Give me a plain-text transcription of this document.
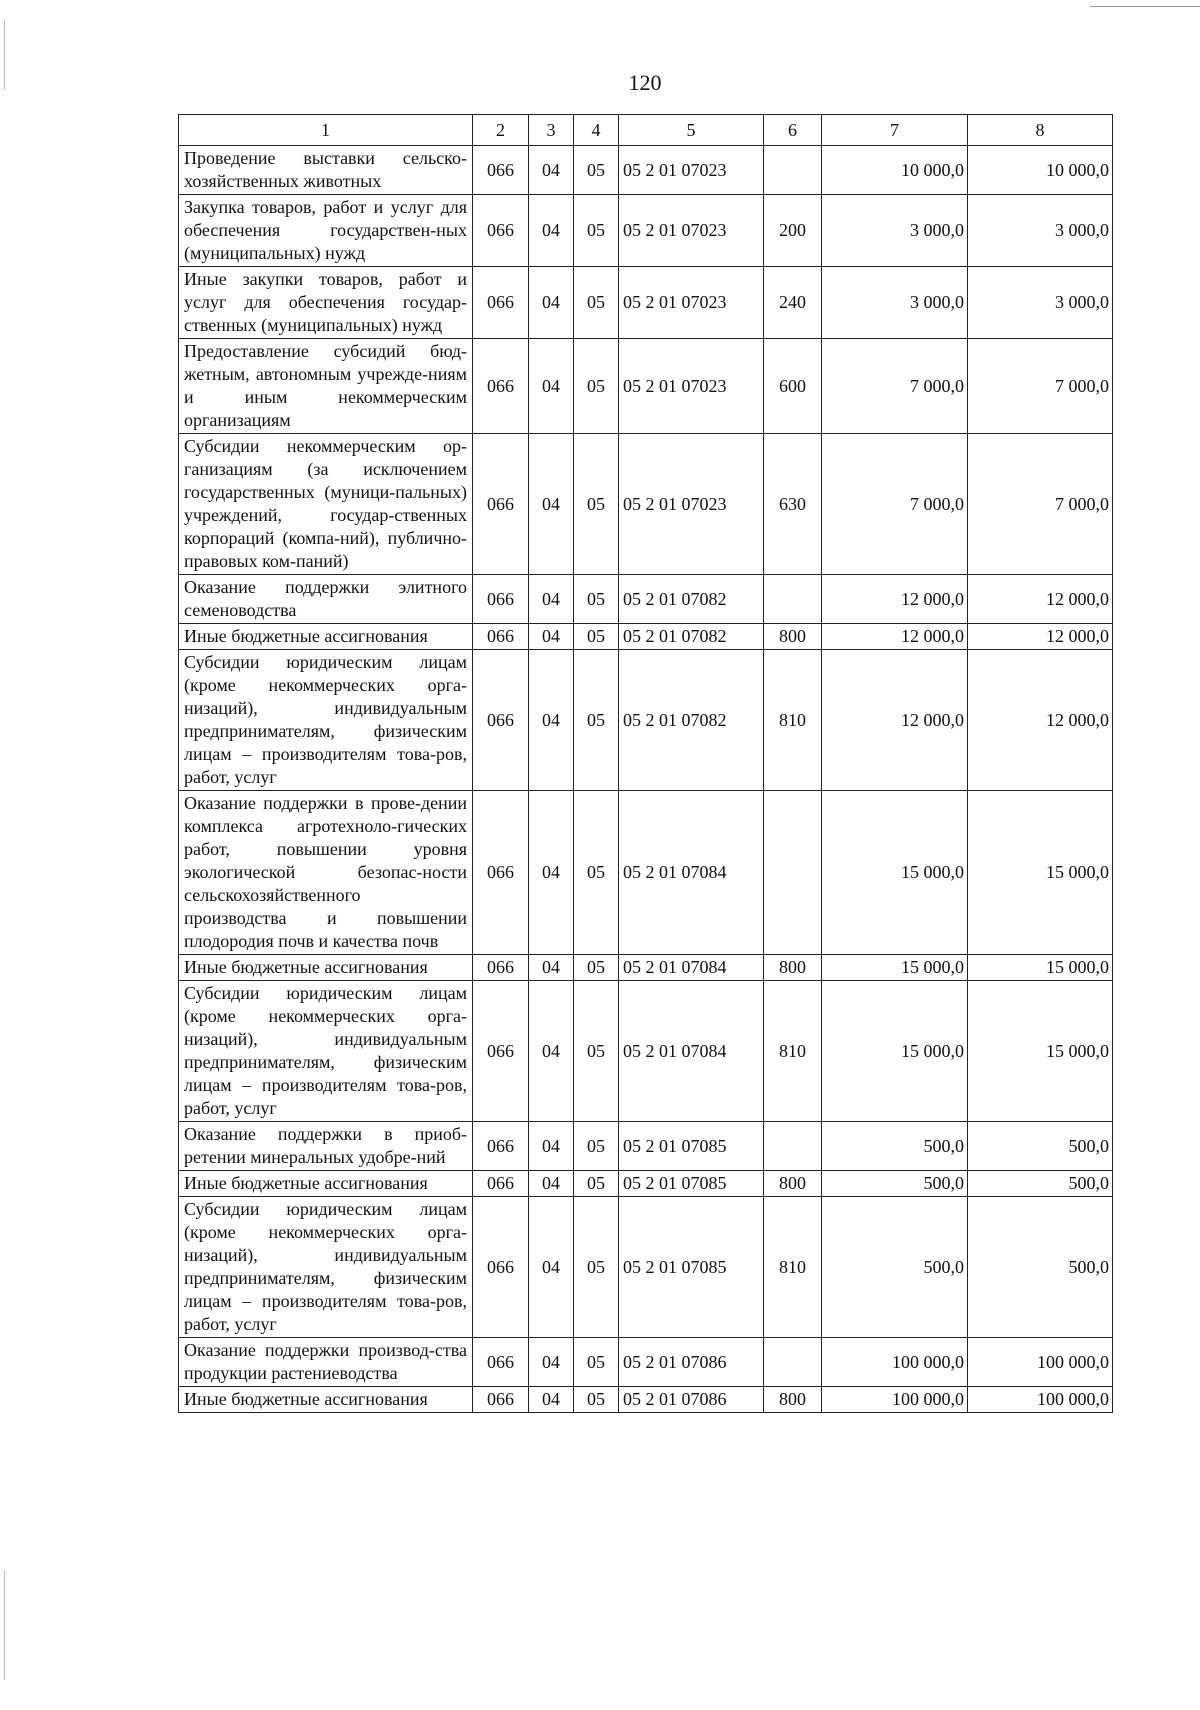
120
1	2	3	4	5	6	7	8
Проведение выставки сельско-хозяйственных животных	066	04	05	05 2 01 07023		10 000,0	10 000,0
Закупка товаров, работ и услуг для обеспечения государствен-ных (муниципальных) нужд	066	04	05	05 2 01 07023	200	3 000,0	3 000,0
Иные закупки товаров, работ и услуг для обеспечения государ-ственных (муниципальных) нужд	066	04	05	05 2 01 07023	240	3 000,0	3 000,0
Предоставление субсидий бюд-жетным, автономным учрежде-ниям и иным некоммерческим организациям	066	04	05	05 2 01 07023	600	7 000,0	7 000,0
Субсидии некоммерческим ор-ганизациям (за исключением государственных (муници-пальных) учреждений, государ-ственных корпораций (компа-ний), публично-правовых ком-паний)	066	04	05	05 2 01 07023	630	7 000,0	7 000,0
Оказание поддержки элитного семеноводства	066	04	05	05 2 01 07082		12 000,0	12 000,0
Иные бюджетные ассигнования	066	04	05	05 2 01 07082	800	12 000,0	12 000,0
Субсидии юридическим лицам (кроме некоммерческих орга-низаций), индивидуальным предпринимателям, физическим лицам – производителям това-ров, работ, услуг	066	04	05	05 2 01 07082	810	12 000,0	12 000,0
Оказание поддержки в прове-дении комплекса агротехноло-гических работ, повышении уровня экологической безопас-ности сельскохозяйственного производства и повышении плодородия почв и качества почв	066	04	05	05 2 01 07084		15 000,0	15 000,0
Иные бюджетные ассигнования	066	04	05	05 2 01 07084	800	15 000,0	15 000,0
Субсидии юридическим лицам (кроме некоммерческих орга-низаций), индивидуальным предпринимателям, физическим лицам – производителям това-ров, работ, услуг	066	04	05	05 2 01 07084	810	15 000,0	15 000,0
Оказание поддержки в приоб-ретении минеральных удобре-ний	066	04	05	05 2 01 07085		500,0	500,0
Иные бюджетные ассигнования	066	04	05	05 2 01 07085	800	500,0	500,0
Субсидии юридическим лицам (кроме некоммерческих орга-низаций), индивидуальным предпринимателям, физическим лицам – производителям това-ров, работ, услуг	066	04	05	05 2 01 07085	810	500,0	500,0
Оказание поддержки производ-ства продукции растениеводства	066	04	05	05 2 01 07086		100 000,0	100 000,0
Иные бюджетные ассигнования	066	04	05	05 2 01 07086	800	100 000,0	100 000,0
